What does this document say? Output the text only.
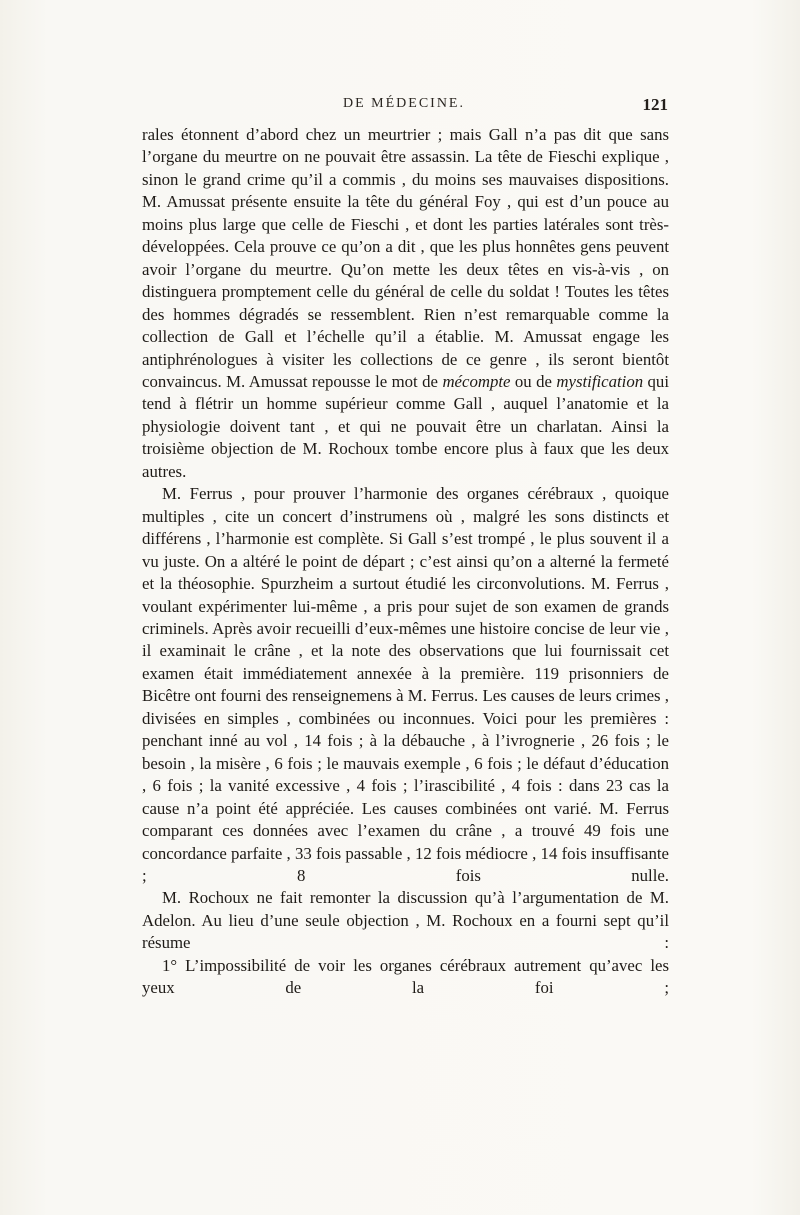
DE MÉDECINE.	121

rales étonnent d’abord chez un meurtrier ; mais Gall n’a pas dit que sans l’organe du meurtre on ne pouvait être assassin. La tête de Fieschi explique , sinon le grand crime qu’il a commis , du moins ses mauvaises dispositions. M. Amussat présente ensuite la tête du général Foy , qui est d’un pouce au moins plus large que celle de Fieschi , et dont les parties latérales sont très-développées. Cela prouve ce qu’on a dit , que les plus honnêtes gens peuvent avoir l’organe du meurtre. Qu’on mette les deux têtes en vis-à-vis , on distinguera promptement celle du général de celle du soldat ! Toutes les têtes des hommes dégradés se ressemblent. Rien n’est remarquable comme la collection de Gall et l’échelle qu’il a établie. M. Amussat engage les antiphrénologues à visiter les collections de ce genre , ils seront bientôt convaincus. M. Amussat repousse le mot de mécompte ou de mystification qui tend à flétrir un homme supérieur comme Gall , auquel l’anatomie et la physiologie doivent tant , et qui ne pouvait être un charlatan. Ainsi la troisième objection de M. Rochoux tombe encore plus à faux que les deux autres.

M. Ferrus , pour prouver l’harmonie des organes cérébraux , quoique multiples , cite un concert d’instrumens où , malgré les sons distincts et différens , l’harmonie est complète. Si Gall s’est trompé , le plus souvent il a vu juste. On a altéré le point de départ ; c’est ainsi qu’on a alterné la fermeté et la théosophie. Spurzheim a surtout étudié les circonvolutions. M. Ferrus , voulant expérimenter lui-même , a pris pour sujet de son examen de grands criminels. Après avoir recueilli d’eux-mêmes une histoire concise de leur vie , il examinait le crâne , et la note des observations que lui fournissait cet examen était immédiatement annexée à la première. 119 prisonniers de Bicêtre ont fourni des renseignemens à M. Ferrus. Les causes de leurs crimes , divisées en simples , combinées ou inconnues. Voici pour les premières : penchant inné au vol , 14 fois ; à la débauche , à l’ivrognerie , 26 fois ; le besoin , la misère , 6 fois ; le mauvais exemple , 6 fois ; le défaut d’éducation , 6 fois ; la vanité excessive , 4 fois ; l’irascibilité , 4 fois : dans 23 cas la cause n’a point été appréciée. Les causes combinées ont varié. M. Ferrus comparant ces données avec l’examen du crâne , a trouvé 49 fois une concordance parfaite , 33 fois passable , 12 fois médiocre , 14 fois insuffisante ; 8 fois nulle.

M. Rochoux ne fait remonter la discussion qu’à l’argumentation de M. Adelon. Au lieu d’une seule objection , M. Rochoux en a fourni sept qu’il résume :

1° L’impossibilité de voir les organes cérébraux autrement qu’avec les yeux de la foi ;
